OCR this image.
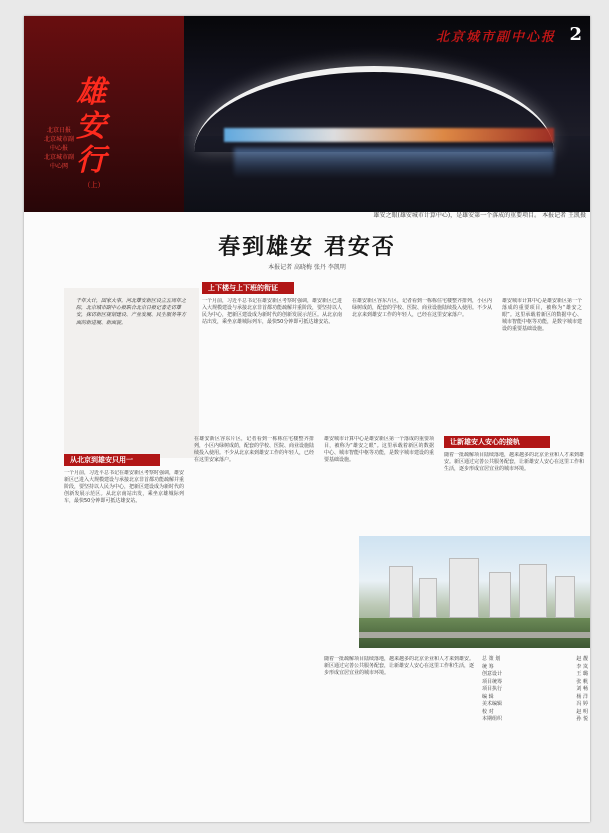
北京城市副中心报 2
雄安行
（上）
北京日报
北京城市副中心报
北京城市副中心网
雄安之眼(雄安城市计算中心)，是雄安第一个落成的重要项目。 本报记者 王凯摄
春到雄安 君安否
本报记者 高晓梅 张丹 李凯明
千年大计，国家大事。河北雄安新区设立五周年之际，北京城市副中心报联合北京日报记者走访雄安，探访新区规划建设、产业发展、民生服务等方面的新进展、新面貌。
上下楼与上下班的衔证
从北京到雄安只用一
让新雄安人安心的接轨
一个月前，习近平总书记在雄安新区考察时强调，雄安新区已进入大规模建设与承接北京非首都功能疏解并重阶段，要坚持以人民为中心，把新区建设成为新时代的创新发展示范区。从北京南站出发，乘坐京雄城际列车，最快50分钟即可抵达雄安站。
在雄安新区容东片区，记者看到一栋栋住宅楼整齐排列，小区内绿树成荫，配套的学校、医院、商业设施陆续投入使用。不少从北京来到雄安工作的年轻人，已经在这里安家落户。
雄安城市计算中心是雄安新区第一个落成的重要项目，被称为“雄安之眼”。这里承载着新区的数据中心、城市智能中枢等功能，是数字城市建设的重要基础设施。
一个月前，习近平总书记在雄安新区考察时强调，雄安新区已进入大规模建设与承接北京非首都功能疏解并重阶段，要坚持以人民为中心，把新区建设成为新时代的创新发展示范区。从北京南站出发，乘坐京雄城际列车，最快50分钟即可抵达雄安站。
在雄安新区容东片区，记者看到一栋栋住宅楼整齐排列，小区内绿树成荫，配套的学校、医院、商业设施陆续投入使用。不少从北京来到雄安工作的年轻人，已经在这里安家落户。
雄安城市计算中心是雄安新区第一个落成的重要项目，被称为“雄安之眼”。这里承载着新区的数据中心、城市智能中枢等功能，是数字城市建设的重要基础设施。
随着一批疏解项目陆续落地，越来越多的北京企业和人才来到雄安。新区通过完善公共服务配套，让新雄安人安心在这里工作和生活，逐步形成宜居宜业的城市环境。
随着一批疏解项目陆续落地，越来越多的北京企业和人才来到雄安。新区通过完善公共服务配套，让新雄安人安心在这里工作和生活，逐步形成宜居宜业的城市环境。
总 策 划	赵 靓
统 筹	李 岚
创意设计	王 璐
项目统筹	张 帆
项目执行	刘 畅
编 辑	杨 洋
美术编辑	冯 婷
校 对	赵 明
本期组织	孙 悦
